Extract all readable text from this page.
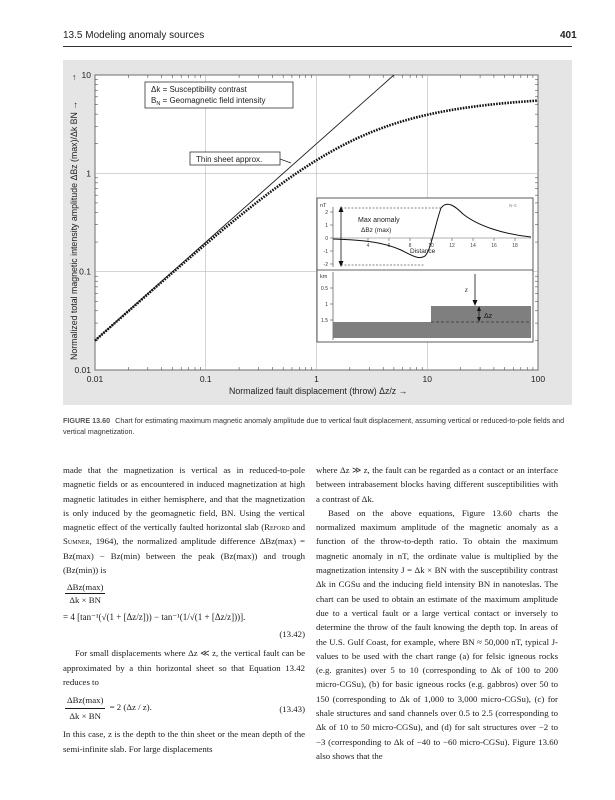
13.5 Modeling anomaly sources	401
0.01	0.1	1	10	100
10
1
0.1
0.01
↑
Δk = Susceptibility contrast
$B_N$ = Geomagnetic field intensity
Thin sheet approx.
Normalized total magnetic intensity amplitude ΔBz (max)/Δk BN →
Normalized fault displacement (throw) Δz/z →
nT
km
N-S
2
1
0
-1
-2
4	6	8	10	12	14	16	18
Max anomaly
ΔBz (max)
Distance
0.5
1
1.5
z
Δz
FIGURE 13.60 Chart for estimating maximum magnetic anomaly amplitude due to vertical fault displacement, assuming vertical or reduced-to-pole fields and vertical magnetization.

made that the magnetization is vertical as in reduced-to-pole magnetic fields or as encountered in induced magnetization at high magnetic latitudes in either hemisphere, and that the magnetization is only induced by the geomagnetic field, BN. Using the vertical magnetic effect of the vertically faulted horizontal slab (Reford and Sumner, 1964), the normalized amplitude difference ΔBz(max) = Bz(max) − Bz(min) between the peak (Bz(max)) and trough (Bz(min)) is

$\frac{\text{ΔBz(max)}}{\Delta k \times BN}$
= 4 [tan⁻¹(√(1 + [Δz/z])) − tan⁻¹(1/√(1 + [Δz/z]))].
(13.42)

For small displacements where Δz ≪ z, the vertical fault can be approximated by a thin horizontal sheet so that Equation 13.42 reduces to

$\frac{\text{ΔBz(max)}}{\Delta k \times BN} = 2$ (Δz / z).	(13.43)

In this case, z is the depth to the thin sheet or the mean depth of the semi-infinite slab. For large displacements

where Δz ≫ z, the fault can be regarded as a contact or an interface between intrabasement blocks having different susceptibilities with a contrast of Δk.

Based on the above equations, Figure 13.60 charts the normalized maximum amplitude of the magnetic anomaly as a function of the throw-to-depth ratio. To obtain the maximum magnetic anomaly in nT, the ordinate value is multiplied by the magnetization intensity J = Δk × BN with the susceptibility contrast Δk in CGSu and the inducing field intensity BN in nanoteslas. The chart can be used to obtain an estimate of the maximum amplitude due to a vertical fault or a large vertical contact or inversely to determine the throw of the fault knowing the depth top. In areas of the U.S. Gulf Coast, for example, where BN ≈ 50,000 nT, typical J-values to be used with the chart range (a) for felsic igneous rocks (e.g. granites) over 5 to 10 (corresponding to Δk of 100 to 200 micro-CGSu), (b) for basic igneous rocks (e.g. gabbros) over 50 to 150 (corresponding to Δk of 1,000 to 3,000 micro-CGSu), (c) for shale structures and sand channels over 0.5 to 2.5 (corresponding to Δk of 10 to 50 micro-CGSu), and (d) for salt structures over −2 to −3 (corresponding to Δk of −40 to −60 micro-CGSu). Figure 13.60 also shows that the
